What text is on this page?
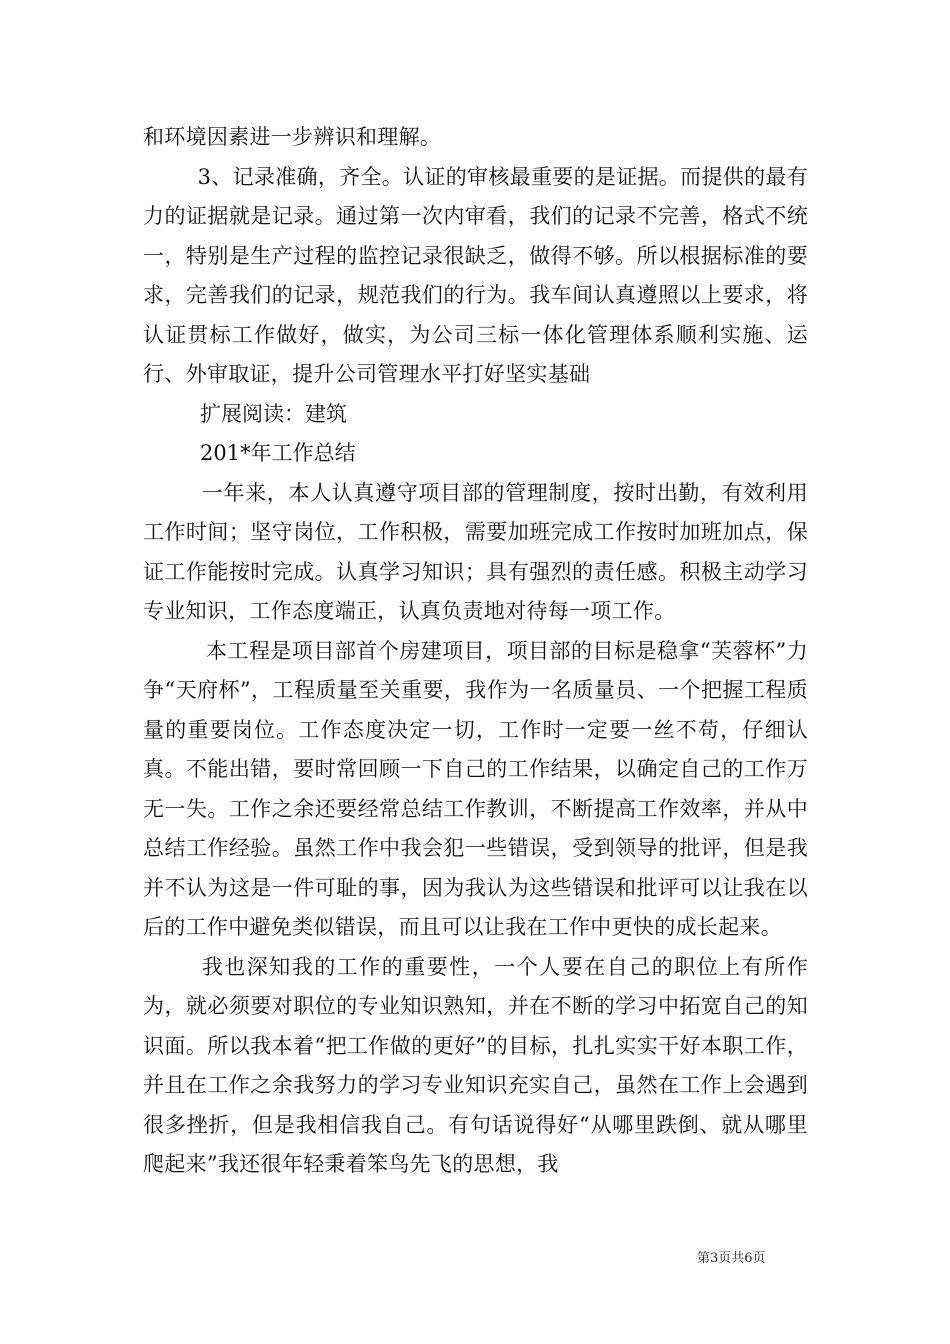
和环境因素进一步辨识和理解。

3、记录准确，齐全。认证的审核最重要的是证据。而提供的最有力的证据就是记录。通过第一次内审看，我们的记录不完善，格式不统一，特别是生产过程的监控记录很缺乏，做得不够。所以根据标准的要求，完善我们的记录，规范我们的行为。我车间认真遵照以上要求，将认证贯标工作做好，做实，为公司三标一体化管理体系顺利实施、运行、外审取证，提升公司管理水平打好坚实基础

扩展阅读：建筑

201*年工作总结

一年来，本人认真遵守项目部的管理制度，按时出勤，有效利用工作时间；坚守岗位，工作积极，需要加班完成工作按时加班加点，保证工作能按时完成。认真学习知识；具有强烈的责任感。积极主动学习专业知识，工作态度端正，认真负责地对待每一项工作。

本工程是项目部首个房建项目，项目部的目标是稳拿“芙蓉杯”力争“天府杯”，工程质量至关重要，我作为一名质量员、一个把握工程质量的重要岗位。工作态度决定一切，工作时一定要一丝不苟，仔细认真。不能出错，要时常回顾一下自己的工作结果，以确定自己的工作万无一失。工作之余还要经常总结工作教训，不断提高工作效率，并从中总结工作经验。虽然工作中我会犯一些错误，受到领导的批评，但是我并不认为这是一件可耻的事，因为我认为这些错误和批评可以让我在以后的工作中避免类似错误，而且可以让我在工作中更快的成长起来。

我也深知我的工作的重要性，一个人要在自己的职位上有所作为，就必须要对职位的专业知识熟知，并在不断的学习中拓宽自己的知识面。所以我本着“把工作做的更好”的目标，扎扎实实干好本职工作，并且在工作之余我努力的学习专业知识充实自己，虽然在工作上会遇到很多挫折，但是我相信我自己。有句话说得好“从哪里跌倒、就从哪里爬起来”我还很年轻秉着笨鸟先飞的思想，我

第3页共6页
